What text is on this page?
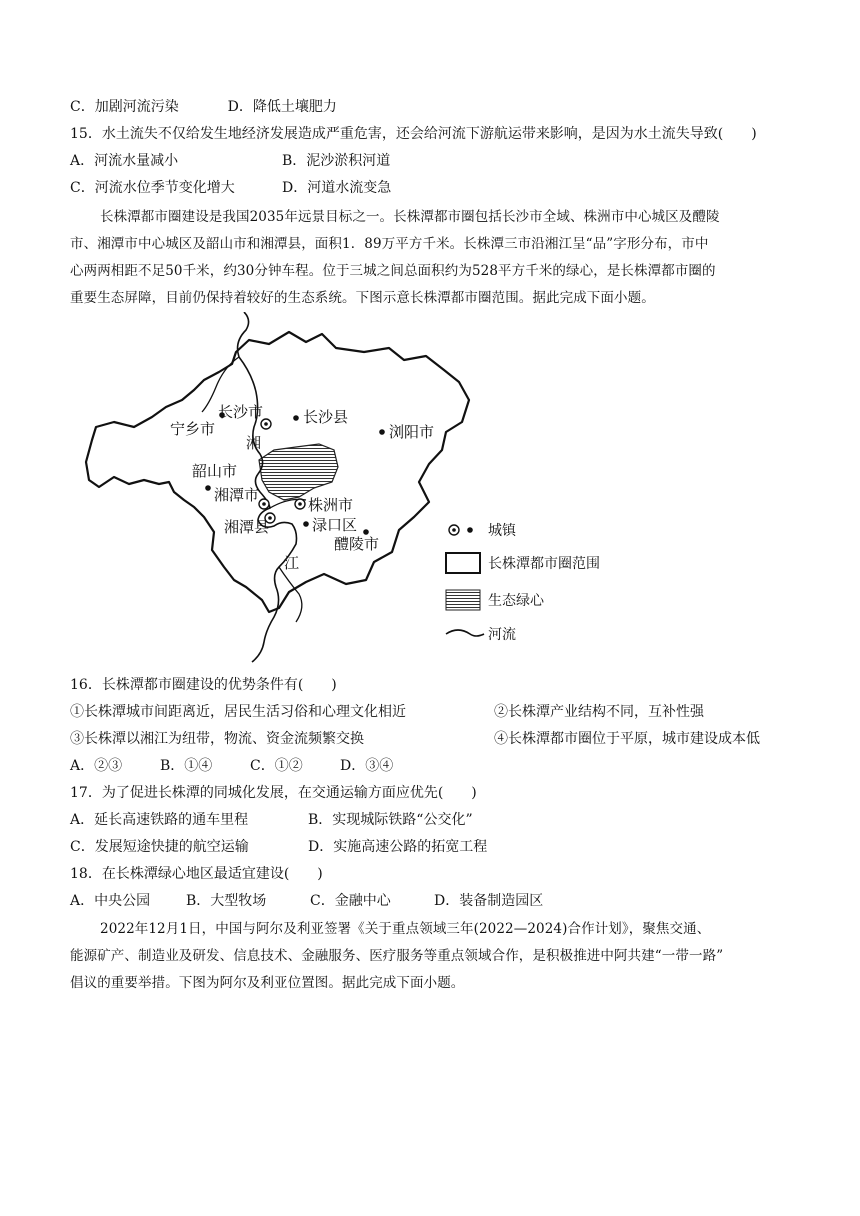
C．加剧河流污染	D．降低土壤肥力
15．水土流失不仅给发生地经济发展造成严重危害，还会给河流下游航运带来影响，是因为水土流失导致(　　)
A．河流水量减小	B．泥沙淤积河道
C．河流水位季节变化增大	D．河道水流变急
长株潭都市圈建设是我国2035年远景目标之一。长株潭都市圈包括长沙市全域、株洲市中心城区及醴陵
市、湘潭市中心城区及韶山市和湘潭县，面积1．89万平方千米。长株潭三市沿湘江呈“品”字形分布，市中
心两两相距不足50千米，约30分钟车程。位于三城之间总面积约为528平方千米的绿心，是长株潭都市圈的
重要生态屏障，目前仍保持着较好的生态系统。下图示意长株潭都市圈范围。据此完成下面小题。
长沙市	长沙县
宁乡市	浏阳市
湘
韶山市
湘潭市
株洲市
湘潭县	渌口区
醴陵市
江
城镇
长株潭都市圈范围
生态绿心
河流
16．长株潭都市圈建设的优势条件有(　　)
①长株潭城市间距离近，居民生活习俗和心理文化相近	②长株潭产业结构不同，互补性强
③长株潭以湘江为纽带，物流、资金流频繁交换	④长株潭都市圈位于平原，城市建设成本低
A．②③	B．①④	C．①②	D．③④
17．为了促进长株潭的同城化发展，在交通运输方面应优先(　　)
A．延长高速铁路的通车里程	B．实现城际铁路“公交化”
C．发展短途快捷的航空运输	D．实施高速公路的拓宽工程
18．在长株潭绿心地区最适宜建设(　　)
A．中央公园	B．大型牧场	C．金融中心	D．装备制造园区
2022年12月1日，中国与阿尔及利亚签署《关于重点领域三年(2022—2024)合作计划》，聚焦交通、
能源矿产、制造业及研发、信息技术、金融服务、医疗服务等重点领域合作，是积极推进中阿共建“一带一路”
倡议的重要举措。下图为阿尔及利亚位置图。据此完成下面小题。
